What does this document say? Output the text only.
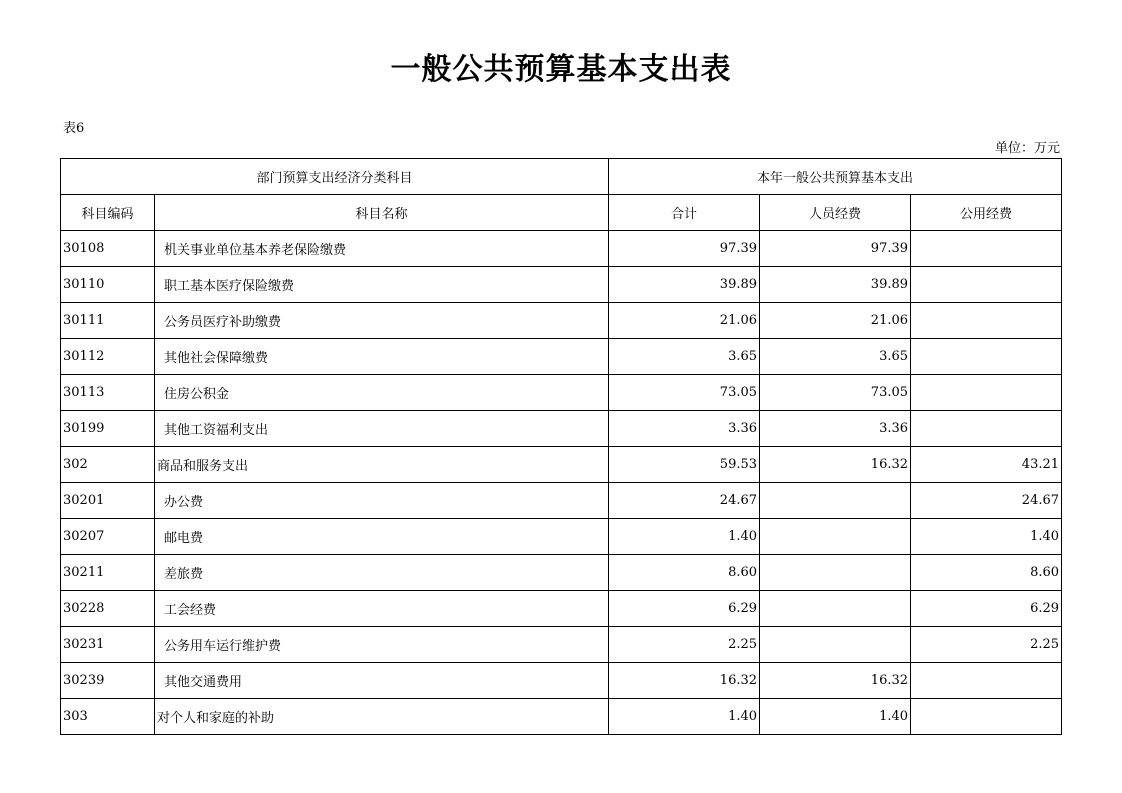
一般公共预算基本支出表
表6
单位：万元
部门预算支出经济分类科目		本年一般公共预算基本支出		
科目编码	科目名称	合计	人员经费	公用经费
30108	机关事业单位基本养老保险缴费	97.39	97.39	
30110	职工基本医疗保险缴费	39.89	39.89	
30111	公务员医疗补助缴费	21.06	21.06	
30112	其他社会保障缴费	3.65	3.65	
30113	住房公积金	73.05	73.05	
30199	其他工资福利支出	3.36	3.36	
302	商品和服务支出	59.53	16.32	43.21
30201	办公费	24.67		24.67
30207	邮电费	1.40		1.40
30211	差旅费	8.60		8.60
30228	工会经费	6.29		6.29
30231	公务用车运行维护费	2.25		2.25
30239	其他交通费用	16.32	16.32	
303	对个人和家庭的补助	1.40	1.40	
